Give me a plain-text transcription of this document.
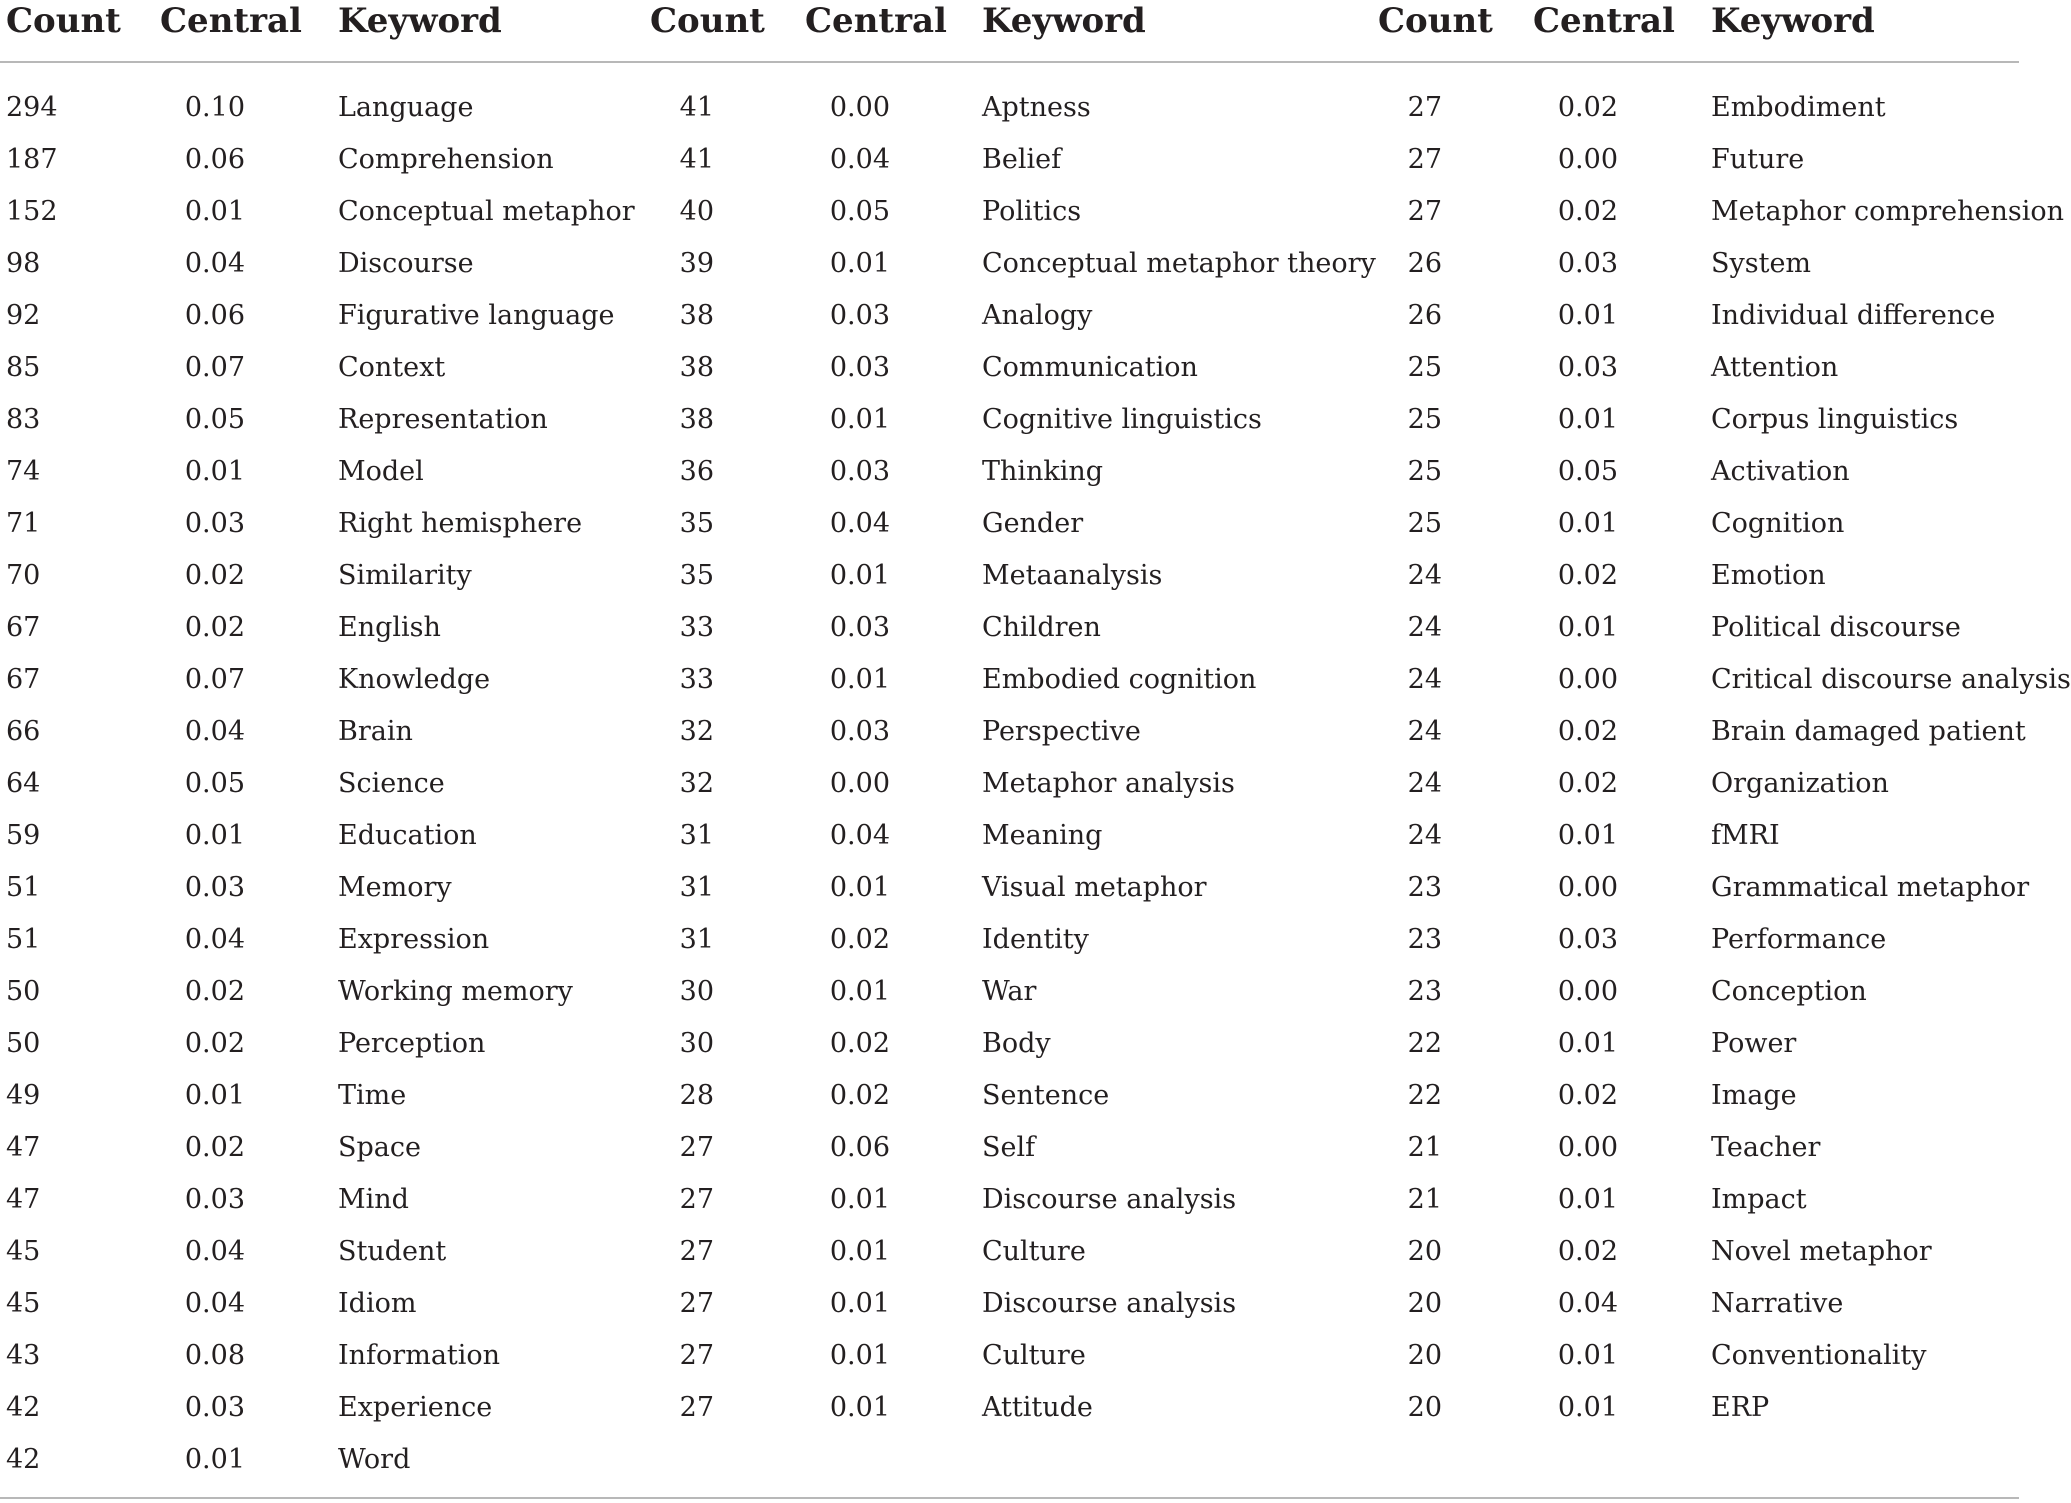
Count Central Keyword	Count Central Keyword	Count Central Keyword
294	0.10	Language	41	0.00	Aptness	27	0.02	Embodiment
187	0.06	Comprehension	41	0.04	Belief	27	0.00	Future
152	0.01	Conceptual metaphor	40	0.05	Politics	27	0.02	Metaphor comprehension
98	0.04	Discourse	39	0.01	Conceptual metaphor theory	26	0.03	System
92	0.06	Figurative language	38	0.03	Analogy	26	0.01	Individual difference
85	0.07	Context	38	0.03	Communication	25	0.03	Attention
83	0.05	Representation	38	0.01	Cognitive linguistics	25	0.01	Corpus linguistics
74	0.01	Model	36	0.03	Thinking	25	0.05	Activation
71	0.03	Right hemisphere	35	0.04	Gender	25	0.01	Cognition
70	0.02	Similarity	35	0.01	Metaanalysis	24	0.02	Emotion
67	0.02	English	33	0.03	Children	24	0.01	Political discourse
67	0.07	Knowledge	33	0.01	Embodied cognition	24	0.00	Critical discourse analysis
66	0.04	Brain	32	0.03	Perspective	24	0.02	Brain damaged patient
64	0.05	Science	32	0.00	Metaphor analysis	24	0.02	Organization
59	0.01	Education	31	0.04	Meaning	24	0.01	fMRI
51	0.03	Memory	31	0.01	Visual metaphor	23	0.00	Grammatical metaphor
51	0.04	Expression	31	0.02	Identity	23	0.03	Performance
50	0.02	Working memory	30	0.01	War	23	0.00	Conception
50	0.02	Perception	30	0.02	Body	22	0.01	Power
49	0.01	Time	28	0.02	Sentence	22	0.02	Image
47	0.02	Space	27	0.06	Self	21	0.00	Teacher
47	0.03	Mind	27	0.01	Discourse analysis	21	0.01	Impact
45	0.04	Student	27	0.01	Culture	20	0.02	Novel metaphor
45	0.04	Idiom	27	0.01	Discourse analysis	20	0.04	Narrative
43	0.08	Information	27	0.01	Culture	20	0.01	Conventionality
42	0.03	Experience	27	0.01	Attitude	20	0.01	ERP
42	0.01	Word
